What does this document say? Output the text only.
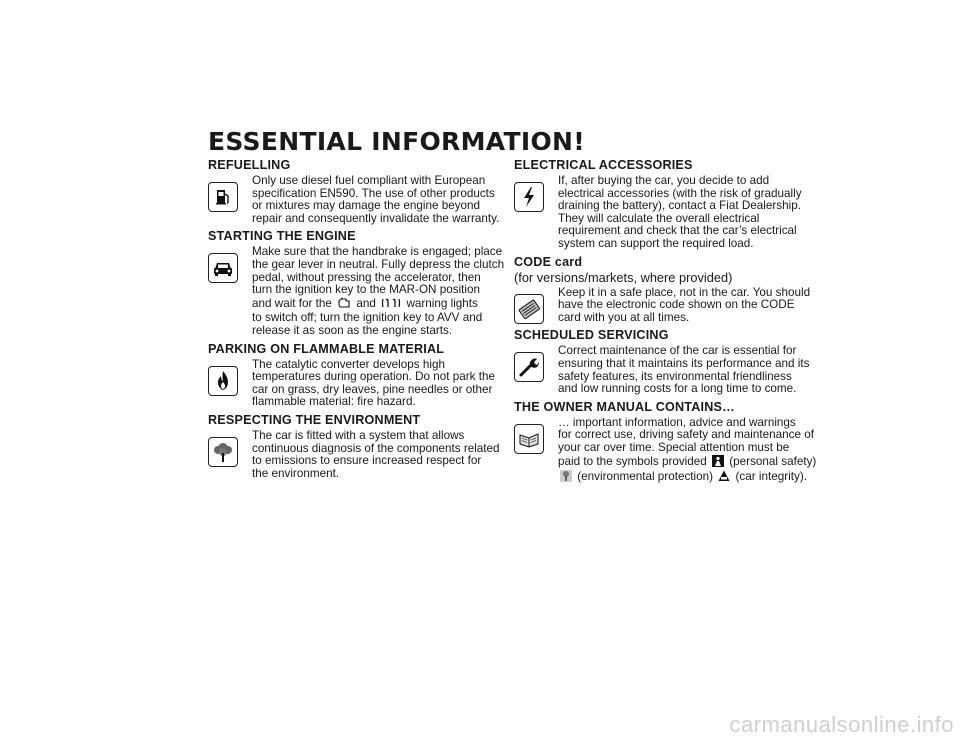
ESSENTIAL INFORMATION!

REFUELLING

Only use diesel fuel compliant with European
specification EN590. The use of other products
or mixtures may damage the engine beyond
repair and consequently invalidate the warranty.

STARTING THE ENGINE

Make sure that the handbrake is engaged; place
the gear lever in neutral. Fully depress the clutch
pedal, without pressing the accelerator, then
turn the ignition key to the MAR-ON position
and wait for the and	warning lights
to switch off; turn the ignition key to AVV and
release it as soon as the engine starts.

PARKING ON FLAMMABLE MATERIAL

The catalytic converter develops high
temperatures during operation. Do not park the
car on grass, dry leaves, pine needles or other
flammable material: fire hazard.

RESPECTING THE ENVIRONMENT

The car is fitted with a system that allows
continuous diagnosis of the components related
to emissions to ensure increased respect for
the environment.

ELECTRICAL ACCESSORIES

If, after buying the car, you decide to add
electrical accessories (with the risk of gradually
draining the battery), contact a Fiat Dealership.
They will calculate the overall electrical
requirement and check that the car’s electrical
system can support the required load.

CODE card

(for versions/markets, where provided)

Keep it in a safe place, not in the car. You should
have the electronic code shown on the CODE
card with you at all times.

SCHEDULED SERVICING

Correct maintenance of the car is essential for
ensuring that it maintains its performance and its
safety features, its environmental friendliness
and low running costs for a long time to come.

THE OWNER MANUAL CONTAINS…

… important information, advice and warnings
for correct use, driving safety and maintenance of
your car over time. Special attention must be
paid to the symbols provided (personal safety)
(environmental protection) (car integrity).

carmanualsonline.info
